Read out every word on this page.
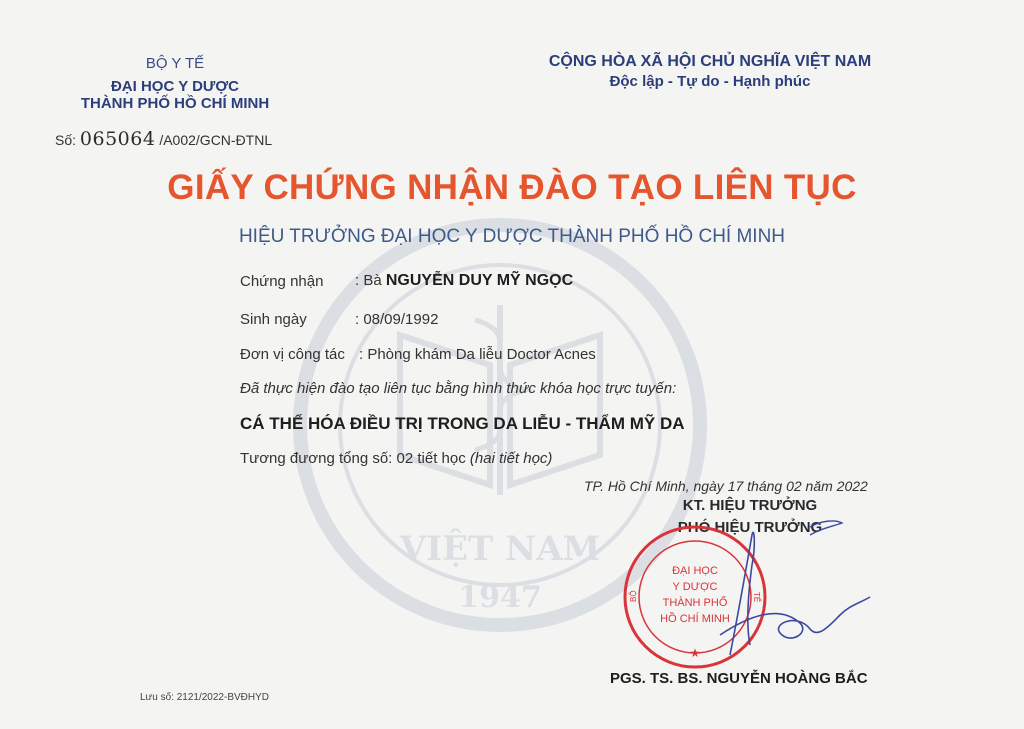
VIỆT NAM
1947
BỘ Y TẾ
ĐẠI HỌC Y DƯỢC
THÀNH PHỐ HỒ CHÍ MINH
CỘNG HÒA XÃ HỘI CHỦ NGHĨA VIỆT NAM
Độc lập - Tự do - Hạnh phúc
Số: 065064 /A002/GCN-ĐTNL
GIẤY CHỨNG NHẬN ĐÀO TẠO LIÊN TỤC
HIỆU TRƯỞNG ĐẠI HỌC Y DƯỢC THÀNH PHỐ HỒ CHÍ MINH
Chứng nhận : Bà NGUYỄN DUY MỸ NGỌC
Sinh ngày	: 08/09/1992
Đơn vị công tác : Phòng khám Da liễu Doctor Acnes
Đã thực hiện đào tạo liên tục bằng hình thức khóa học trực tuyến:
CÁ THỂ HÓA ĐIỀU TRỊ TRONG DA LIỄU - THẨM MỸ DA
Tương đương tổng số: 02 tiết học (hai tiết học)
TP. Hồ Chí Minh, ngày 17 tháng 02 năm 2022
KT. HIỆU TRƯỞNG
PHÓ HIỆU TRƯỞNG
ĐẠI HỌC
Y DƯỢC
THÀNH PHỐ
HỒ CHÍ MINH
BỘ	TẾ
★
PGS. TS. BS. NGUYỄN HOÀNG BẮC
Lưu số: 2121/2022-BVĐHYD
